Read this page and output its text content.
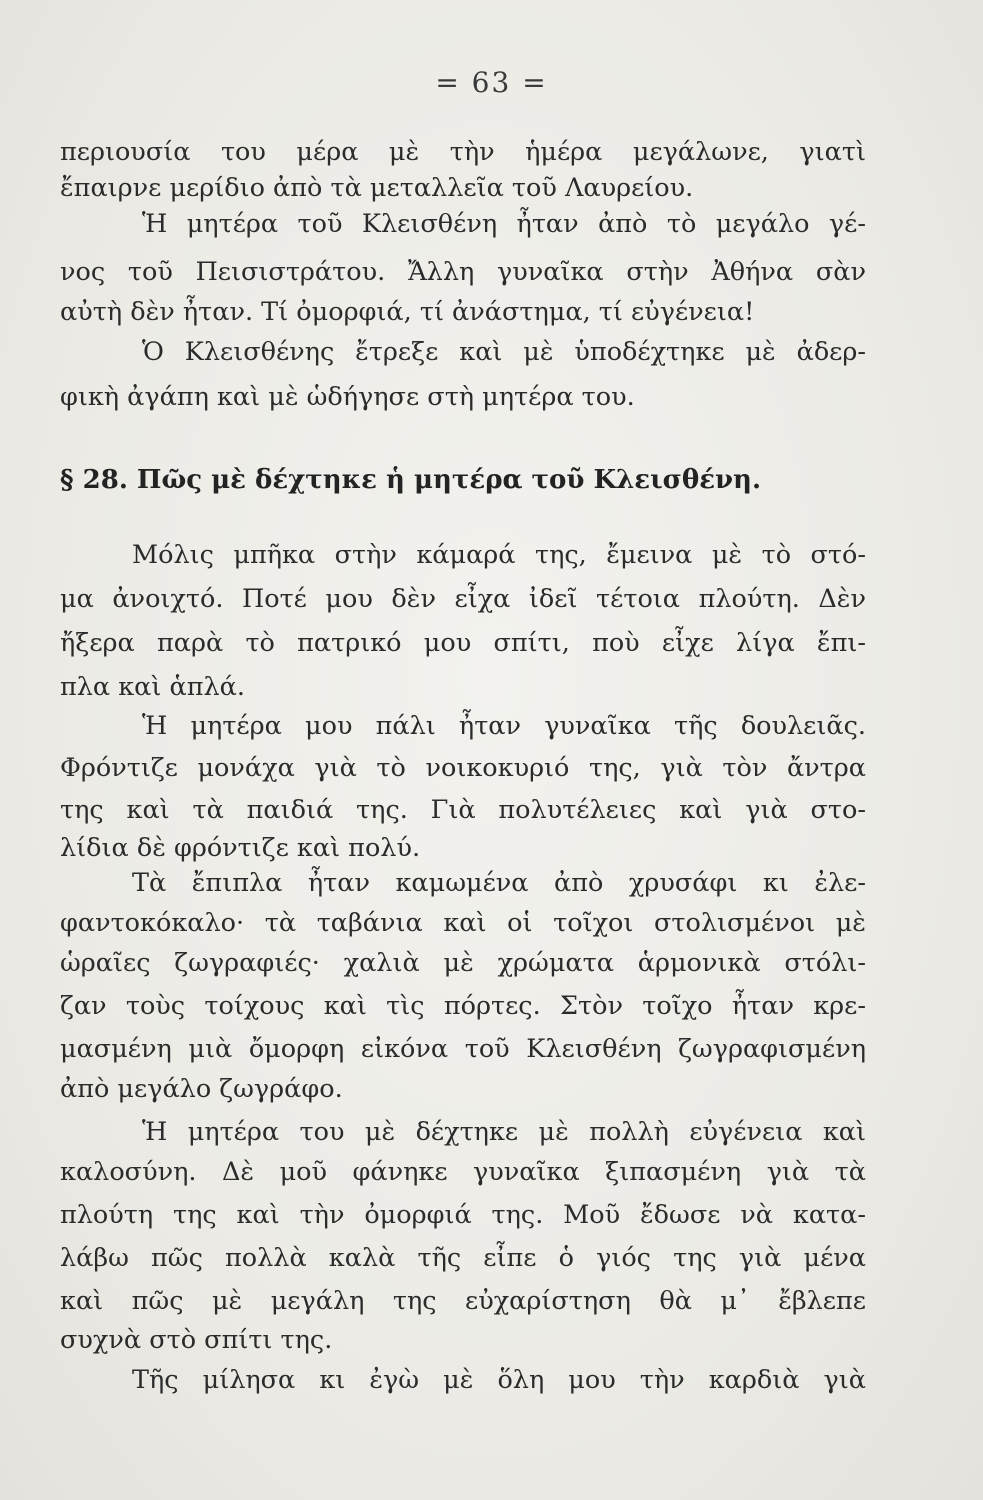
= 63 =
περιουσία του μέρα μὲ τὴν ἡμέρα μεγάλωνε, γιατὶ
ἔπαιρνε μερίδιο ἀπὸ τὰ μεταλλεῖα τοῦ Λαυρείου.
Ἡ μητέρα τοῦ Κλεισθένη ἦταν ἀπὸ τὸ μεγάλο γέ-
νος τοῦ Πεισιστράτου. Ἄλλη γυναῖκα στὴν Ἀθήνα σὰν
αὐτὴ δὲν ἦταν. Τί ὀμορφιά, τί ἀνάστημα, τί εὐγένεια!
Ὁ Κλεισθένης ἔτρεξε καὶ μὲ ὑποδέχτηκε μὲ ἀδερ-
φικὴ ἀγάπη καὶ μὲ ὡδήγησε στὴ μητέρα του.
§ 28. Πῶς μὲ δέχτηκε ἡ μητέρα τοῦ Κλεισθένη.
Μόλις μπῆκα στὴν κάμαρά της, ἔμεινα μὲ τὸ στό-
μα ἀνοιχτό. Ποτέ μου δὲν εἶχα ἰδεῖ τέτοια πλούτη. Δὲν
ἤξερα παρὰ τὸ πατρικό μου σπίτι, ποὺ εἶχε λίγα ἔπι-
πλα καὶ ἁπλά.
Ἡ μητέρα μου πάλι ἦταν γυναῖκα τῆς δουλειᾶς.
Φρόντιζε μονάχα γιὰ τὸ νοικοκυριό της, γιὰ τὸν ἄντρα
της καὶ τὰ παιδιά της. Γιὰ πολυτέλειες καὶ γιὰ στο-
λίδια δὲ φρόντιζε καὶ πολύ.
Τὰ ἔπιπλα ἦταν καμωμένα ἀπὸ χρυσάφι κι ἐλε-
φαντοκόκαλο· τὰ ταβάνια καὶ οἱ τοῖχοι στολισμένοι μὲ
ὡραῖες ζωγραφιές· χαλιὰ μὲ χρώματα ἁρμονικὰ στόλι-
ζαν τοὺς τοίχους καὶ τὶς πόρτες. Στὸν τοῖχο ἦταν κρε-
μασμένη μιὰ ὄμορφη εἰκόνα τοῦ Κλεισθένη ζωγραφισμένη
ἀπὸ μεγάλο ζωγράφο.
Ἡ μητέρα του μὲ δέχτηκε μὲ πολλὴ εὐγένεια καὶ
καλοσύνη. Δὲ μοῦ φάνηκε γυναῖκα ξιπασμένη γιὰ τὰ
πλούτη της καὶ τὴν ὀμορφιά της. Μοῦ ἔδωσε νὰ κατα-
λάβω πῶς πολλὰ καλὰ τῆς εἶπε ὁ γιός της γιὰ μένα
καὶ πῶς μὲ μεγάλη της εὐχαρίστηση θὰ μ᾽ ἔβλεπε
συχνὰ στὸ σπίτι της.
Τῆς μίλησα κι ἐγὼ μὲ ὅλη μου τὴν καρδιὰ γιὰ
